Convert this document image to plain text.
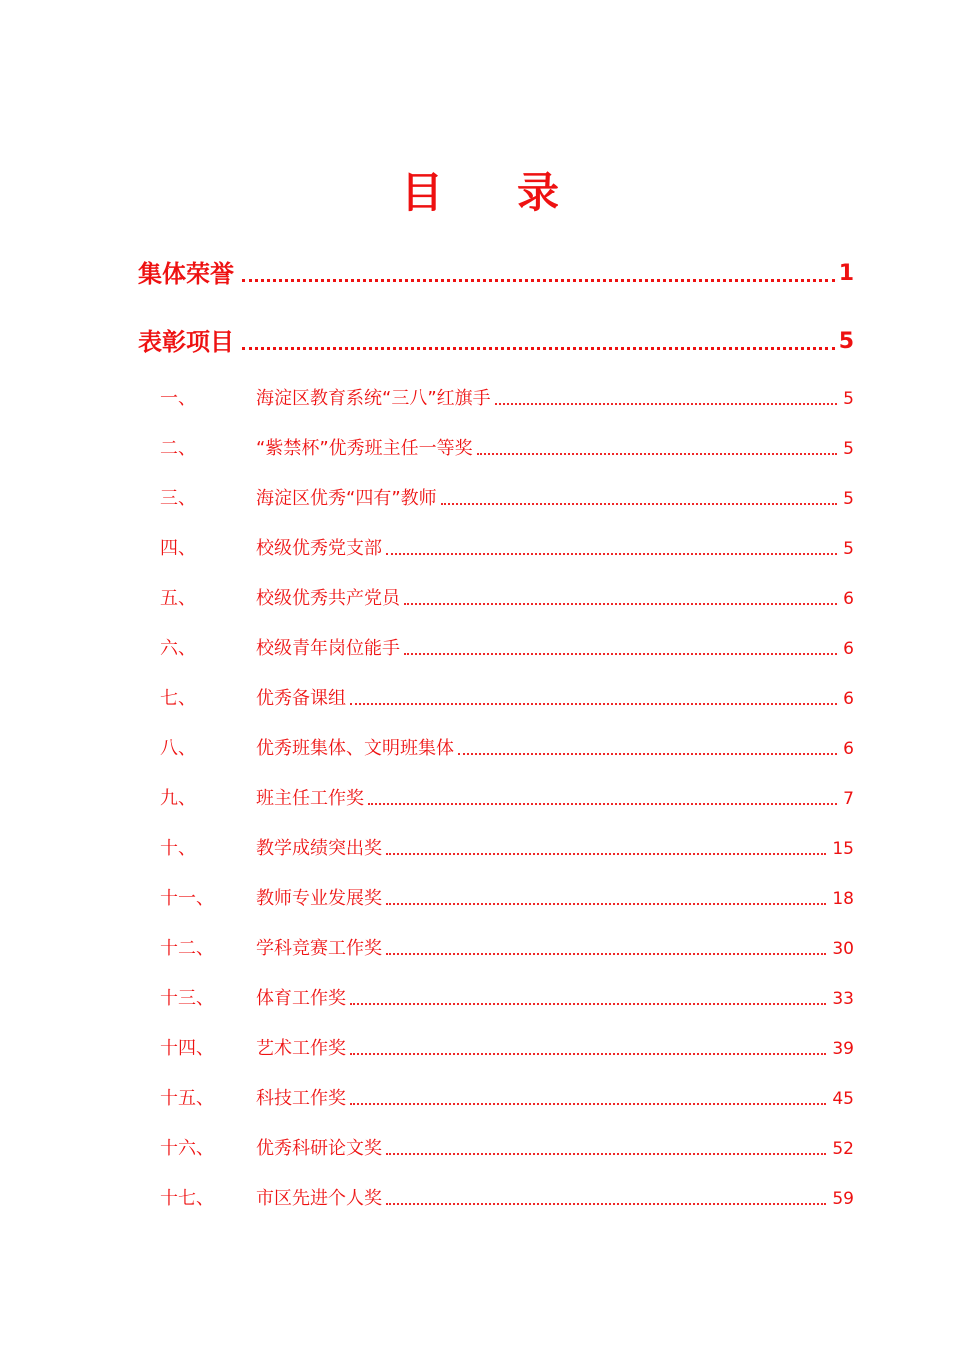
目 录
集体荣誉	1
表彰项目	5
一、	海淀区教育系统“三八”红旗手	5
二、	“紫禁杯”优秀班主任一等奖	5
三、	海淀区优秀“四有”教师	5
四、	校级优秀党支部	5
五、	校级优秀共产党员	6
六、	校级青年岗位能手	6
七、	优秀备课组	6
八、	优秀班集体、文明班集体	6
九、	班主任工作奖	7
十、	教学成绩突出奖	15
十一、	教师专业发展奖	18
十二、	学科竞赛工作奖	30
十三、	体育工作奖	33
十四、	艺术工作奖	39
十五、	科技工作奖	45
十六、	优秀科研论文奖	52
十七、	市区先进个人奖	59
